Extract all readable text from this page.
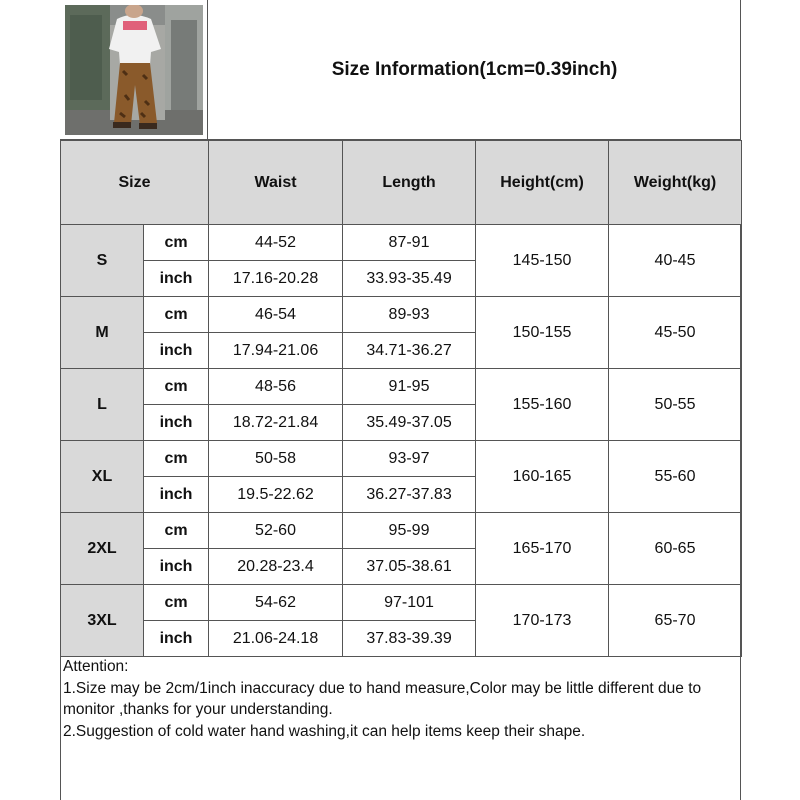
Size Information(1cm=0.39inch)
Size		Waist	Length	Height(cm)	Weight(kg)
S	cm	44-52	87-91	145-150	40-45
	inch	17.16-20.28	33.93-35.49		
M	cm	46-54	89-93	150-155	45-50
	inch	17.94-21.06	34.71-36.27		
L	cm	48-56	91-95	155-160	50-55
	inch	18.72-21.84	35.49-37.05		
XL	cm	50-58	93-97	160-165	55-60
	inch	19.5-22.62	36.27-37.83		
2XL	cm	52-60	95-99	165-170	60-65
	inch	20.28-23.4	37.05-38.61		
3XL	cm	54-62	97-101	170-173	65-70
	inch	21.06-24.18	37.83-39.39		
Attention:
1.Size may be 2cm/1inch inaccuracy due to hand measure,Color may be little different due to monitor ,thanks for your understanding.
2.Suggestion of cold water hand washing,it can help items keep their shape.
